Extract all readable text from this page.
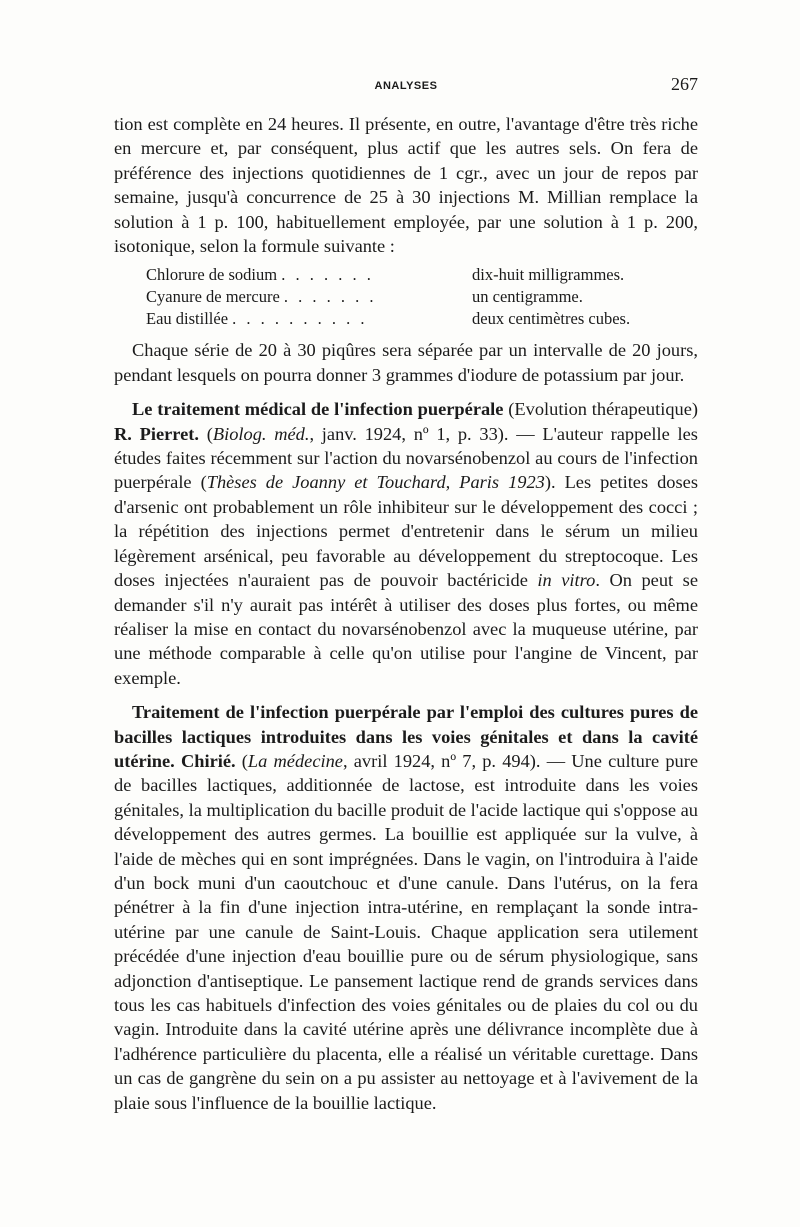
ANALYSES	267

tion est complète en 24 heures. Il présente, en outre, l'avantage d'être très riche en mercure et, par conséquent, plus actif que les autres sels. On fera de préférence des injections quotidiennes de 1 cgr., avec un jour de repos par semaine, jusqu'à concurrence de 25 à 30 injections M. Millian remplace la solution à 1 p. 100, habituellement employée, par une solution à 1 p. 200, isotonique, selon la formule suivante :

Chlorure de sodium . . . . . . .	dix-huit milligrammes.
Cyanure de mercure . . . . . . .	un centigramme.
Eau distillée . . . . . . . . . .	deux centimètres cubes.

Chaque série de 20 à 30 piqûres sera séparée par un intervalle de 20 jours, pendant lesquels on pourra donner 3 grammes d'iodure de potassium par jour.

Le traitement médical de l'infection puerpérale (Evolution thérapeutique) R. Pierret. (Biolog. méd., janv. 1924, nº 1, p. 33). — L'auteur rappelle les études faites récemment sur l'action du novarsénobenzol au cours de l'infection puerpérale (Thèses de Joanny et Touchard, Paris 1923). Les petites doses d'arsenic ont probablement un rôle inhibiteur sur le développement des cocci ; la répétition des injections permet d'entretenir dans le sérum un milieu légèrement arsénical, peu favorable au développement du streptocoque. Les doses injectées n'auraient pas de pouvoir bactéricide in vitro. On peut se demander s'il n'y aurait pas intérêt à utiliser des doses plus fortes, ou même réaliser la mise en contact du novarsénobenzol avec la muqueuse utérine, par une méthode comparable à celle qu'on utilise pour l'angine de Vincent, par exemple.

Traitement de l'infection puerpérale par l'emploi des cultures pures de bacilles lactiques introduites dans les voies génitales et dans la cavité utérine. Chirié. (La médecine, avril 1924, nº 7, p. 494). — Une culture pure de bacilles lactiques, additionnée de lactose, est introduite dans les voies génitales, la multiplication du bacille produit de l'acide lactique qui s'oppose au développement des autres germes. La bouillie est appliquée sur la vulve, à l'aide de mèches qui en sont imprégnées. Dans le vagin, on l'introduira à l'aide d'un bock muni d'un caoutchouc et d'une canule. Dans l'utérus, on la fera pénétrer à la fin d'une injection intra-utérine, en remplaçant la sonde intra-utérine par une canule de Saint-Louis. Chaque application sera utilement précédée d'une injection d'eau bouillie pure ou de sérum physiologique, sans adjonction d'antiseptique. Le pansement lactique rend de grands services dans tous les cas habituels d'infection des voies génitales ou de plaies du col ou du vagin. Introduite dans la cavité utérine après une délivrance incomplète due à l'adhérence particulière du placenta, elle a réalisé un véritable curettage. Dans un cas de gangrène du sein on a pu assister au nettoyage et à l'avivement de la plaie sous l'influence de la bouillie lactique.
